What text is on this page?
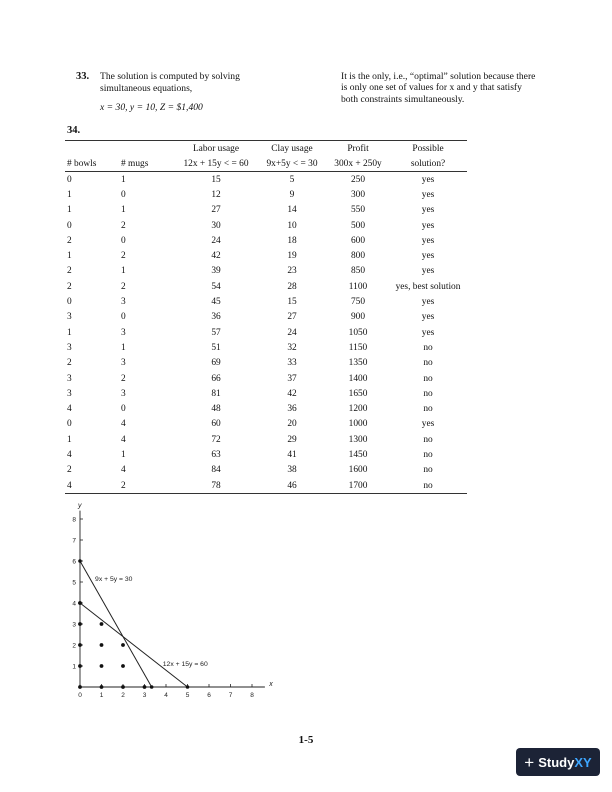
33. The solution is computed by solving
simultaneous equations,
x = 30, y = 10, Z = $1,400
It is the only, i.e., “optimal” solution because there is only one set of values for x and y that satisfy both constraints simultaneously.
34.
		Labor usage	Clay usage	Profit	Possible
# bowls	# mugs	12x + 15y < = 60	9x+5y < = 30	300x + 250y	solution?
0	1	15	5	250	yes
1	0	12	9	300	yes
1	1	27	14	550	yes
0	2	30	10	500	yes
2	0	24	18	600	yes
1	2	42	19	800	yes
2	1	39	23	850	yes
2	2	54	28	1100	yes, best solution
0	3	45	15	750	yes
3	0	36	27	900	yes
1	3	57	24	1050	yes
3	1	51	32	1150	no
2	3	69	33	1350	no
3	2	66	37	1400	no
3	3	81	42	1650	no
4	0	48	36	1200	no
0	4	60	20	1000	yes
1	4	72	29	1300	no
4	1	63	41	1450	no
2	4	84	38	1600	no
4	2	78	46	1700	no
0	1	2	3	4	5	6	7	8
1
2
3
4
5
6
7
8
x
y
9x + 5y = 30
12x + 15y = 60
1-5
+ StudyXY
